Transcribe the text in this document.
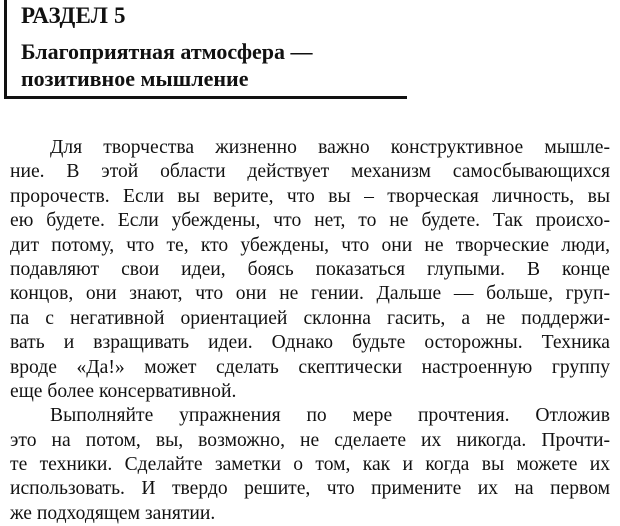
РАЗДЕЛ 5
Благоприятная атмосфера —
позитивное мышление
Для творчества жизненно важно конструктивное мышле-
ние. В этой области действует механизм самосбывающихся
пророчеств. Если вы верите, что вы – творческая личность, вы
ею будете. Если убеждены, что нет, то не будете. Так происхо-
дит потому, что те, кто убеждены, что они не творческие люди,
подавляют свои идеи, боясь показаться глупыми. В конце
концов, они знают, что они не гении. Дальше — больше, груп-
па с негативной ориентацией склонна гасить, а не поддержи-
вать и взращивать идеи. Однако будьте осторожны. Техника
вроде «Да!» может сделать скептически настроенную группу
еще более консервативной.
Выполняйте упражнения по мере прочтения. Отложив
это на потом, вы, возможно, не сделаете их никогда. Прочти-
те техники. Сделайте заметки о том, как и когда вы можете их
использовать. И твердо решите, что примените их на первом
же подходящем занятии.
